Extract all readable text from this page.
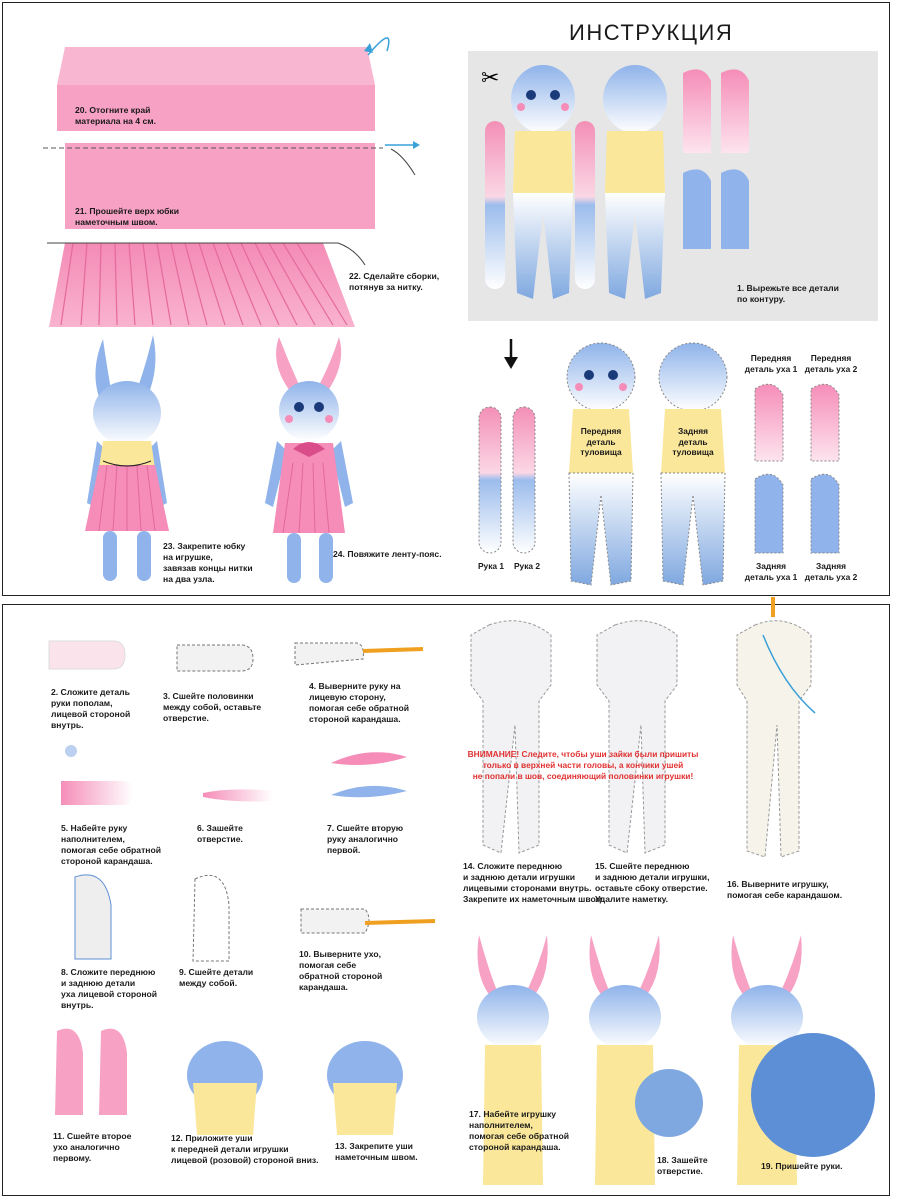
✂
ИНСТРУКЦИЯ
20. Отогните край
материала на 4 см.
21. Прошейте верх юбки
наметочным швом.
22. Сделайте сборки,
потянув за нитку.
23. Закрепите юбку
на игрушке,
завязав концы нитки
на два узла.
24. Повяжите ленту-пояс.
1. Вырежьте все детали
по контуру.
Передняя
деталь
туловища
Задняя
деталь
туловища
Рука 1	Рука 2
Передняя
деталь уха 1
Передняя
деталь уха 2
Задняя
деталь уха 1
Задняя
деталь уха 2
2. Сложите деталь
руки пополам,
лицевой стороной
внутрь.
3. Сшейте половинки
между собой, оставьте
отверстие.
4. Выверните руку на
лицевую сторону,
помогая себе обратной
стороной карандаша.
5. Набейте руку
наполнителем,
помогая себе обратной
стороной карандаша.
6. Зашейте
отверстие.
7. Сшейте вторую
руку аналогично
первой.
8. Сложите переднюю
и заднюю детали
уха лицевой стороной
внутрь.
9. Сшейте детали
между собой.
10. Выверните ухо,
помогая себе
обратной стороной
карандаша.
11. Сшейте второе
ухо аналогично
первому.
12. Приложите уши
к передней детали игрушки
лицевой (розовой) стороной вниз.
13. Закрепите уши
наметочным швом.
ВНИМАНИЕ! Следите, чтобы уши зайки были пришиты
только в верхней части головы, а кончики ушей
не попали в шов, соединяющий половинки игрушки!
14. Сложите переднюю
и заднюю детали игрушки
лицевыми сторонами внутрь.
Закрепите их наметочным швом.
15. Сшейте переднюю
и заднюю детали игрушки,
оставьте сбоку отверстие.
Удалите наметку.
16. Выверните игрушку,
помогая себе карандашом.
17. Набейте игрушку
наполнителем,
помогая себе обратной
стороной карандаша.
18. Зашейте
отверстие.	19. Пришейте руки.
